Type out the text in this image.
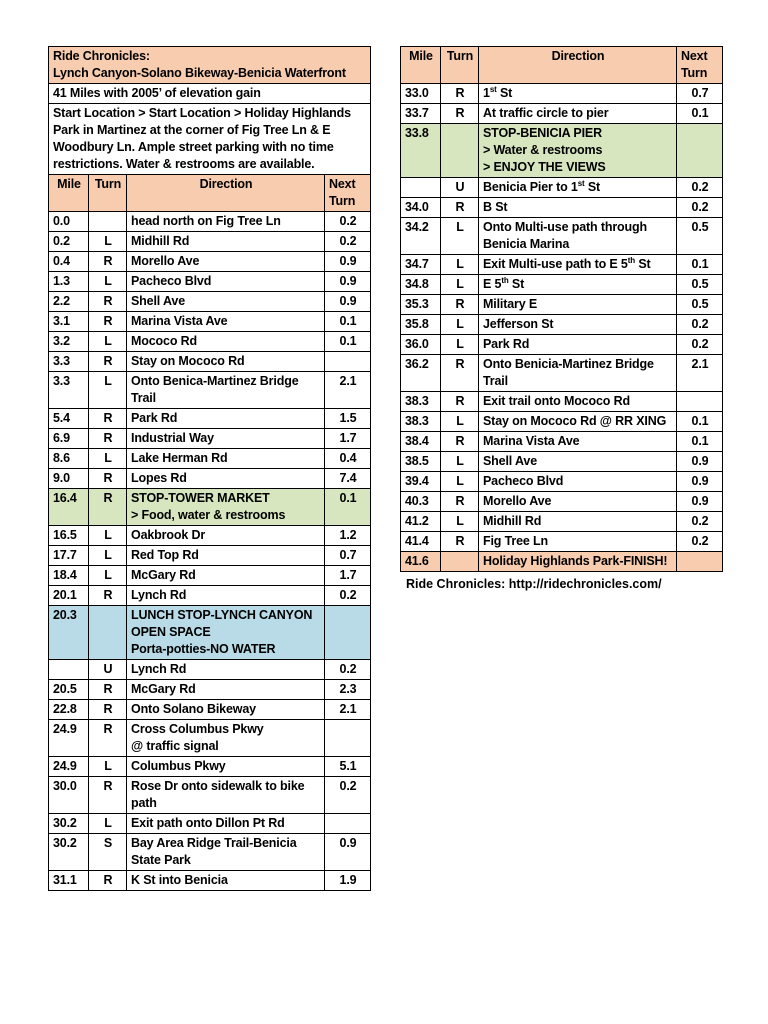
Ride Chronicles:
Lynch Canyon-Solano Bikeway-Benicia Waterfront			

41 Miles with 2005’ of elevation gain			
Start Location > Start Location > Holiday Highlands Park in Martinez at the corner of Fig Tree Ln & E Woodbury Ln. Ample street parking with no time restrictions. Water & restrooms are available.			
Mile	Turn	Direction	Next Turn
0.0		head north on Fig Tree Ln	0.2
0.2	L	Midhill Rd	0.2
0.4	R	Morello Ave	0.9
1.3	L	Pacheco Blvd	0.9
2.2	R	Shell Ave	0.9
3.1	R	Marina Vista Ave	0.1
3.2	L	Mococo Rd	0.1
3.3	R	Stay on Mococo Rd	
3.3	L	Onto Benica-Martinez Bridge Trail	2.1
5.4	R	Park Rd	1.5
6.9	R	Industrial Way	1.7
8.6	L	Lake Herman Rd	0.4
9.0	R	Lopes Rd	7.4
16.4	R	STOP-TOWER MARKET
> Food, water & restrooms	0.1
16.5	L	Oakbrook Dr	1.2
17.7	L	Red Top Rd	0.7
18.4	L	McGary Rd	1.7
20.1	R	Lynch Rd	0.2
20.3		LUNCH STOP-LYNCH CANYON
OPEN SPACE
Porta-potties-NO WATER	
	U	Lynch Rd	0.2
20.5	R	McGary Rd	2.3
22.8	R	Onto Solano Bikeway	2.1
24.9	R	Cross Columbus Pkwy
@ traffic signal	
24.9	L	Columbus Pkwy	5.1
30.0	R	Rose Dr onto sidewalk to bike path	0.2
30.2	L	Exit path onto Dillon Pt Rd	
30.2	S	Bay Area Ridge Trail-Benicia State Park	0.9
31.1	R	K St into Benicia	1.9
Mile	Turn	Direction	Next Turn
33.0	R	1st St	0.7
33.7	R	At traffic circle to pier	0.1
33.8		STOP-BENICIA PIER
> Water & restrooms
> ENJOY THE VIEWS	
	U	Benicia Pier to 1st St	0.2
34.0	R	B St	0.2
34.2	L	Onto Multi-use path through Benicia Marina	0.5
34.7	L	Exit Multi-use path to E 5th St	0.1
34.8	L	E 5th St	0.5
35.3	R	Military E	0.5
35.8	L	Jefferson St	0.2
36.0	L	Park Rd	0.2
36.2	R	Onto Benicia-Martinez Bridge Trail	2.1
38.3	R	Exit trail onto Mococo Rd	
38.3	L	Stay on Mococo Rd @ RR XING	0.1
38.4	R	Marina Vista Ave	0.1
38.5	L	Shell Ave	0.9
39.4	L	Pacheco Blvd	0.9
40.3	R	Morello Ave	0.9
41.2	L	Midhill Rd	0.2
41.4	R	Fig Tree Ln	0.2
41.6		Holiday Highlands Park-FINISH!	
Ride Chronicles: http://ridechronicles.com/
